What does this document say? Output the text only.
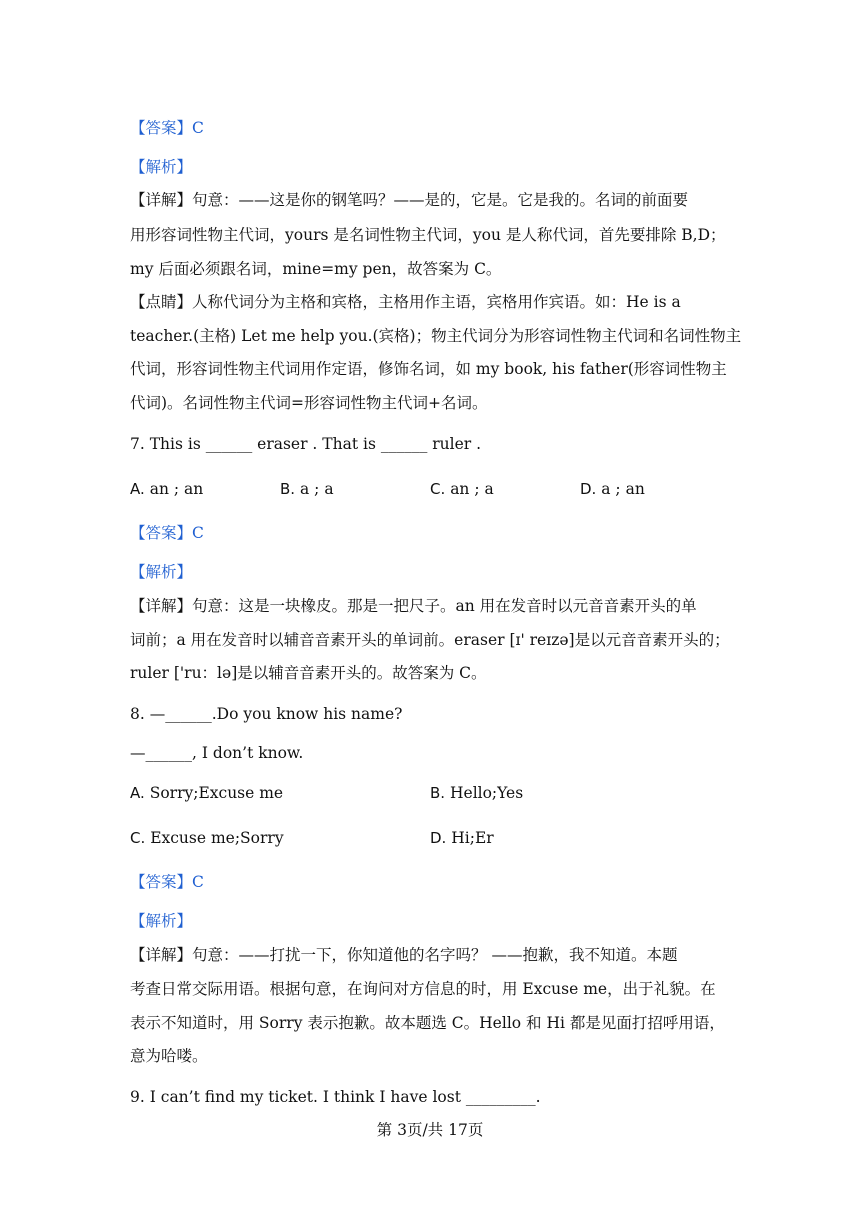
【答案】C
【解析】
【详解】句意：——这是你的钢笔吗？——是的，它是。它是我的。名词的前面要
用形容词性物主代词，yours 是名词性物主代词，you 是人称代词，首先要排除 B,D；
my 后面必须跟名词，mine=my pen，故答案为 C。
【点睛】人称代词分为主格和宾格，主格用作主语，宾格用作宾语。如：He is a
teacher.(主格) Let me help you.(宾格)；物主代词分为形容词性物主代词和名词性物主
代词，形容词性物主代词用作定语，修饰名词，如 my book, his father(形容词性物主
代词)。名词性物主代词=形容词性物主代词+名词。
7. This is ______ eraser . That is ______ ruler .
A. an ; an	B. a ; a	C. an ; a	D. a ; an
【答案】C
【解析】
【详解】句意：这是一块橡皮。那是一把尺子。an 用在发音时以元音音素开头的单
词前；a 用在发音时以辅音音素开头的单词前。eraser [ɪ' reɪzə]是以元音音素开头的；
ruler ['ru：lə]是以辅音音素开头的。故答案为 C。
8. —______.Do you know his name?
—______, I don’t know.
A. Sorry;Excuse me	B. Hello;Yes
C. Excuse me;Sorry	D. Hi;Er
【答案】C
【解析】
【详解】句意：——打扰一下，你知道他的名字吗？ ——抱歉，我不知道。本题
考查日常交际用语。根据句意，在询问对方信息的时，用 Excuse me，出于礼貌。在
表示不知道时，用 Sorry 表示抱歉。故本题选 C。Hello 和 Hi 都是见面打招呼用语，
意为哈喽。
9. I can’t find my ticket. I think I have lost _________.
第 3页/共 17页
